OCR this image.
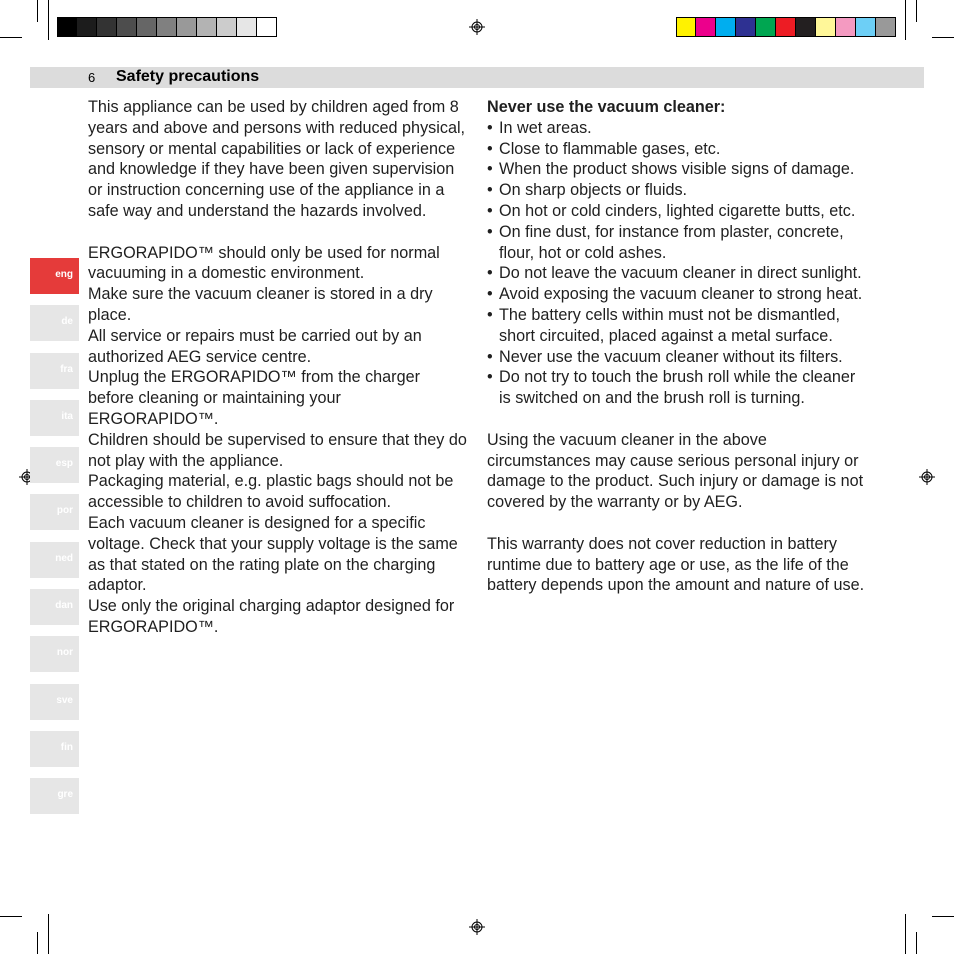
6 Safety precautions
eng
de
fra
ita
esp
por
ned
dan
nor
sve
fin
gre

This appliance can be used by children aged from 8 years and above and persons with reduced physical, sensory or mental capabilities or lack of experience and knowledge if they have been given supervision or instruction concerning use of the appliance in a safe way and understand the hazards involved.

ERGORAPIDO™ should only be used for normal vacuuming in a domestic environment.

Make sure the vacuum cleaner is stored in a dry place.

All service or repairs must be carried out by an authorized AEG service centre.

Unplug the ERGORAPIDO™ from the charger before cleaning or maintaining your ERGORAPIDO™.

Children should be supervised to ensure that they do not play with the appliance.

Packaging material, e.g. plastic bags should not be accessible to children to avoid suffocation.

Each vacuum cleaner is designed for a specific voltage. Check that your supply voltage is the same as that stated on the rating plate on the charging adaptor.

Use only the original charging adaptor designed for ERGORAPIDO™.

Never use the vacuum cleaner:

• In wet areas.
• Close to flammable gases, etc.
• When the product shows visible signs of damage.
• On sharp objects or fluids.
• On hot or cold cinders, lighted cigarette butts, etc.
• On fine dust, for instance from plaster, concrete, flour, hot or cold ashes.
• Do not leave the vacuum cleaner in direct sunlight.
• Avoid exposing the vacuum cleaner to strong heat.
• The battery cells within must not be dismantled, short circuited, placed against a metal surface.
• Never use the vacuum cleaner without its filters.
• Do not try to touch the brush roll while the cleaner is switched on and the brush roll is turning.

Using the vacuum cleaner in the above circumstances may cause serious personal injury or damage to the product. Such injury or damage is not covered by the warranty or by AEG.

This warranty does not cover reduction in battery runtime due to battery age or use, as the life of the battery depends upon the amount and nature of use.
